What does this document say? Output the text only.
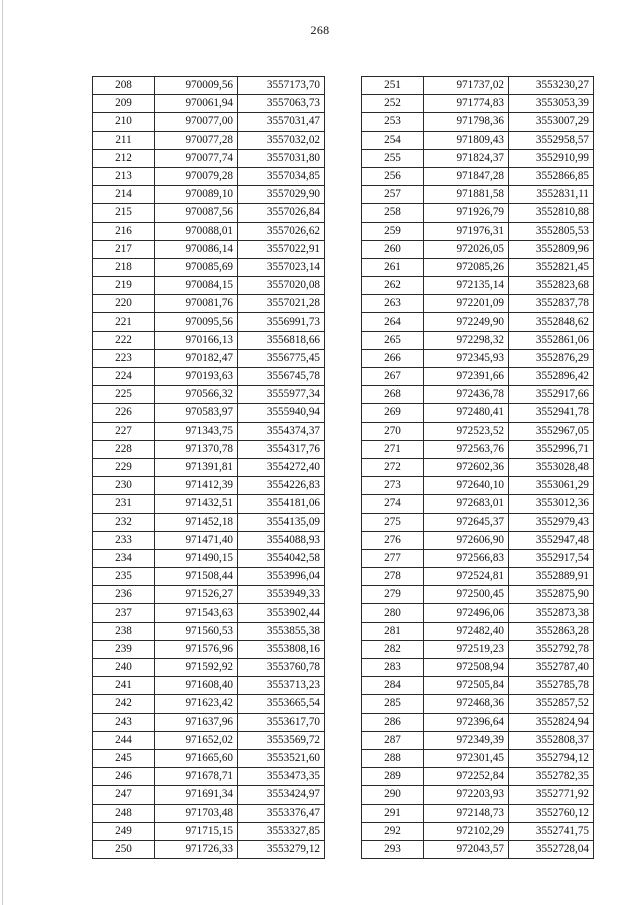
268
208	970009,56	3557173,70
209	970061,94	3557063,73
210	970077,00	3557031,47
211	970077,28	3557032,02
212	970077,74	3557031,80
213	970079,28	3557034,85
214	970089,10	3557029,90
215	970087,56	3557026,84
216	970088,01	3557026,62
217	970086,14	3557022,91
218	970085,69	3557023,14
219	970084,15	3557020,08
220	970081,76	3557021,28
221	970095,56	3556991,73
222	970166,13	3556818,66
223	970182,47	3556775,45
224	970193,63	3556745,78
225	970566,32	3555977,34
226	970583,97	3555940,94
227	971343,75	3554374,37
228	971370,78	3554317,76
229	971391,81	3554272,40
230	971412,39	3554226,83
231	971432,51	3554181,06
232	971452,18	3554135,09
233	971471,40	3554088,93
234	971490,15	3554042,58
235	971508,44	3553996,04
236	971526,27	3553949,33
237	971543,63	3553902,44
238	971560,53	3553855,38
239	971576,96	3553808,16
240	971592,92	3553760,78
241	971608,40	3553713,23
242	971623,42	3553665,54
243	971637,96	3553617,70
244	971652,02	3553569,72
245	971665,60	3553521,60
246	971678,71	3553473,35
247	971691,34	3553424,97
248	971703,48	3553376,47
249	971715,15	3553327,85
250	971726,33	3553279,12
251	971737,02	3553230,27
252	971774,83	3553053,39
253	971798,36	3553007,29
254	971809,43	3552958,57
255	971824,37	3552910,99
256	971847,28	3552866,85
257	971881,58	3552831,11
258	971926,79	3552810,88
259	971976,31	3552805,53
260	972026,05	3552809,96
261	972085,26	3552821,45
262	972135,14	3552823,68
263	972201,09	3552837,78
264	972249,90	3552848,62
265	972298,32	3552861,06
266	972345,93	3552876,29
267	972391,66	3552896,42
268	972436,78	3552917,66
269	972480,41	3552941,78
270	972523,52	3552967,05
271	972563,76	3552996,71
272	972602,36	3553028,48
273	972640,10	3553061,29
274	972683,01	3553012,36
275	972645,37	3552979,43
276	972606,90	3552947,48
277	972566,83	3552917,54
278	972524,81	3552889,91
279	972500,45	3552875,90
280	972496,06	3552873,38
281	972482,40	3552863,28
282	972519,23	3552792,78
283	972508,94	3552787,40
284	972505,84	3552785,78
285	972468,36	3552857,52
286	972396,64	3552824,94
287	972349,39	3552808,37
288	972301,45	3552794,12
289	972252,84	3552782,35
290	972203,93	3552771,92
291	972148,73	3552760,12
292	972102,29	3552741,75
293	972043,57	3552728,04
